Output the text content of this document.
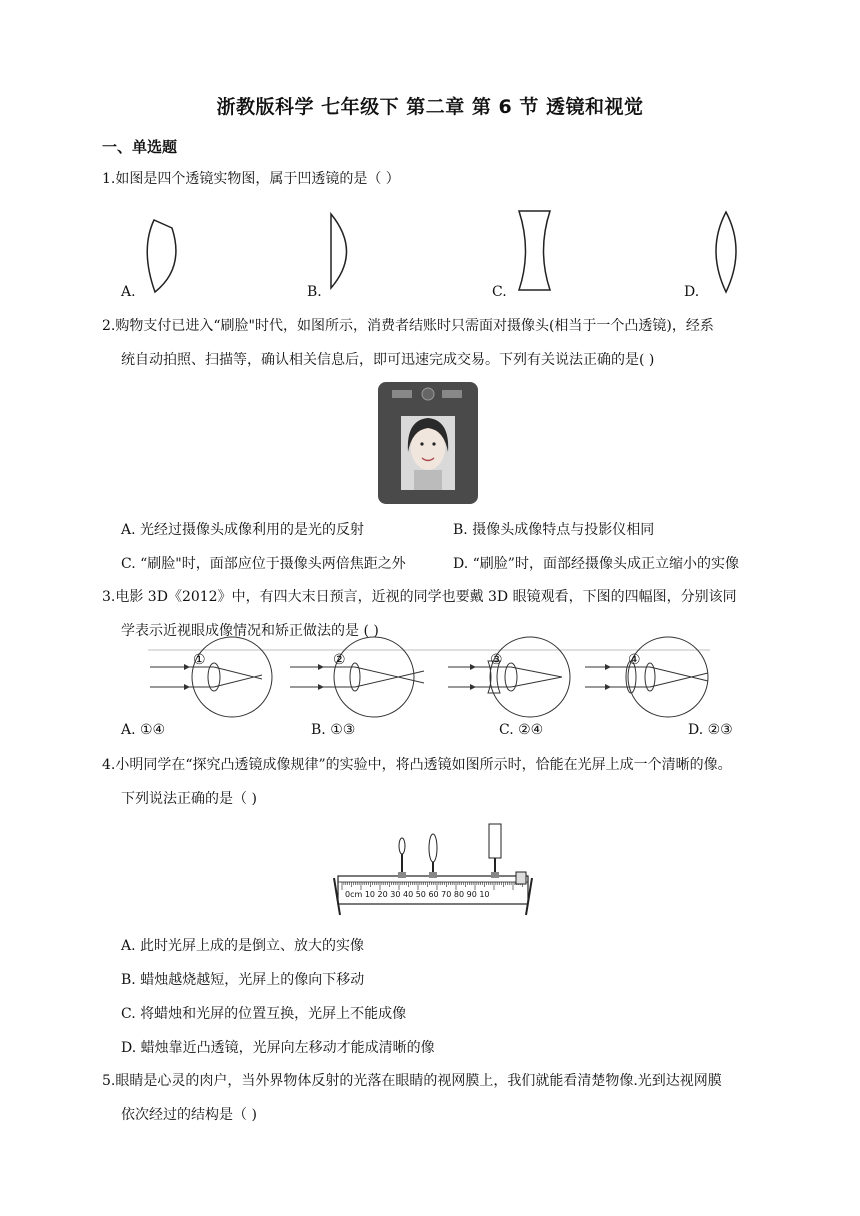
浙教版科学 七年级下 第二章 第 6 节 透镜和视觉
一、单选题
1.如图是四个透镜实物图，属于凹透镜的是（ ）
A.	B.	C.	D.
2.购物支付已进入“刷脸"时代，如图所示，消费者结账时只需面对摄像头(相当于一个凸透镜)，经系
统自动拍照、扫描等，确认相关信息后，即可迅速完成交易。下列有关说法正确的是( )
A. 光经过摄像头成像利用的是光的反射	B. 摄像头成像特点与投影仪相同
C. “刷脸"时，面部应位于摄像头两倍焦距之外	D. “刷脸”时，面部经摄像头成正立缩小的实像
3.电影 3D《2012》中，有四大末日预言，近视的同学也要戴 3D 眼镜观看，下图的四幅图，分别该同
学表示近视眼成像情况和矫正做法的是 ( )
①	②	③	④
A. ①④	B. ①③	C. ②④	D. ②③
4.小明同学在“探究凸透镜成像规律”的实验中，将凸透镜如图所示时，恰能在光屏上成一个清晰的像。
下列说法正确的是（ )
0cm 10 20 30 40 50 60 70 80 90 10
A. 此时光屏上成的是倒立、放大的实像
B. 蜡烛越烧越短，光屏上的像向下移动
C. 将蜡烛和光屏的位置互换，光屏上不能成像
D. 蜡烛靠近凸透镜，光屏向左移动才能成清晰的像
5.眼睛是心灵的肉户，当外界物体反射的光落在眼睛的视网膜上，我们就能看清楚物像.光到达视网膜
依次经过的结构是（ )
